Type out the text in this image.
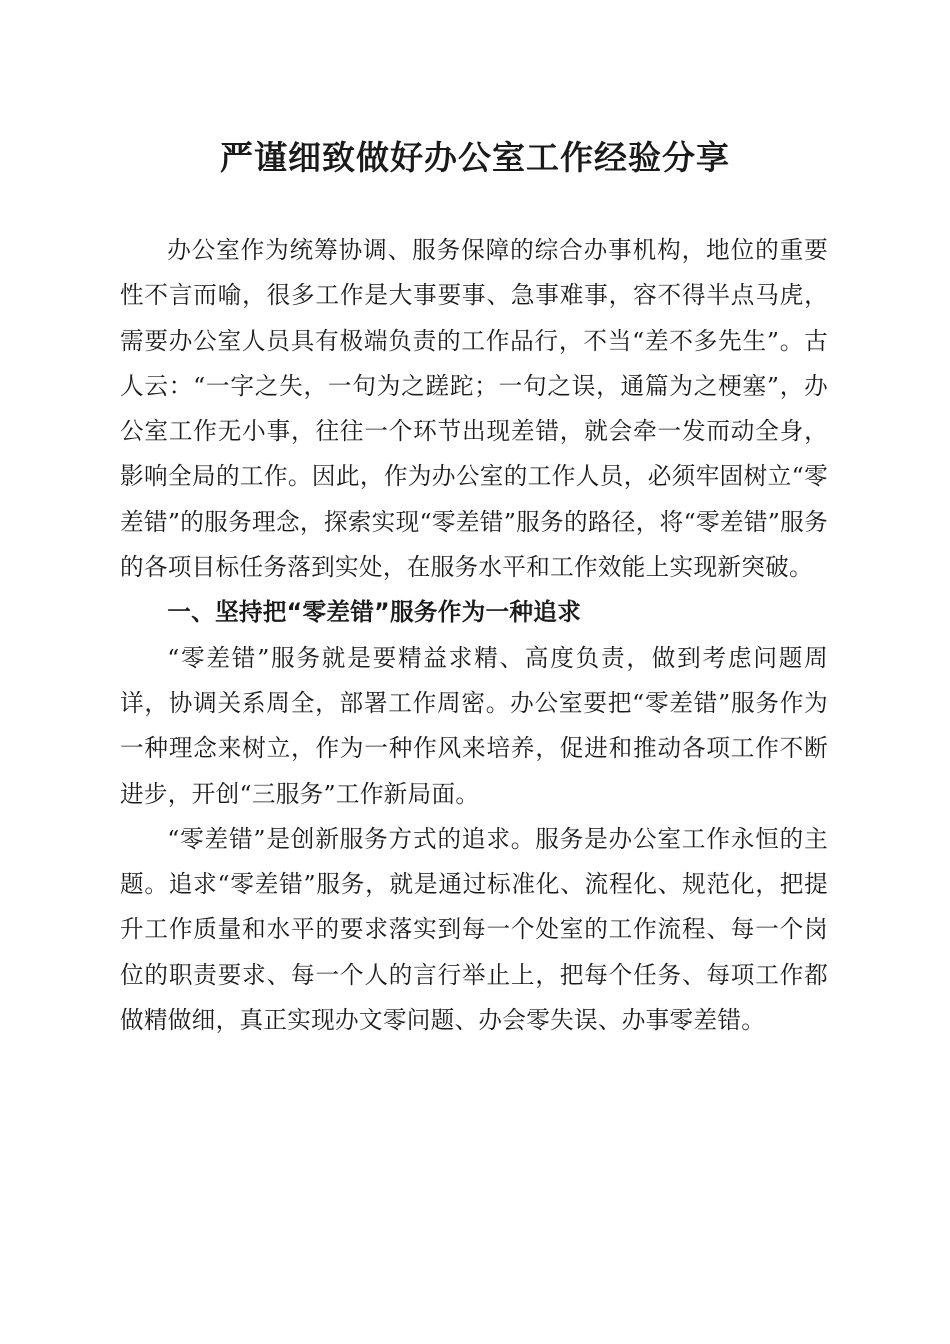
严谨细致做好办公室工作经验分享

办公室作为统筹协调、服务保障的综合办事机构，地位的重要性不言而喻，很多工作是大事要事、急事难事，容不得半点马虎，需要办公室人员具有极端负责的工作品行，不当“差不多先生”。古人云：“一字之失，一句为之蹉跎；一句之误，通篇为之梗塞”，办公室工作无小事，往往一个环节出现差错，就会牵一发而动全身，影响全局的工作。因此，作为办公室的工作人员，必须牢固树立“零差错”的服务理念，探索实现“零差错”服务的路径，将“零差错”服务的各项目标任务落到实处，在服务水平和工作效能上实现新突破。

一、坚持把“零差错”服务作为一种追求

“零差错”服务就是要精益求精、高度负责，做到考虑问题周详，协调关系周全，部署工作周密。办公室要把“零差错”服务作为一种理念来树立，作为一种作风来培养，促进和推动各项工作不断进步，开创“三服务”工作新局面。

“零差错”是创新服务方式的追求。服务是办公室工作永恒的主题。追求“零差错”服务，就是通过标准化、流程化、规范化，把提升工作质量和水平的要求落实到每一个处室的工作流程、每一个岗位的职责要求、每一个人的言行举止上，把每个任务、每项工作都做精做细，真正实现办文零问题、办会零失误、办事零差错。
